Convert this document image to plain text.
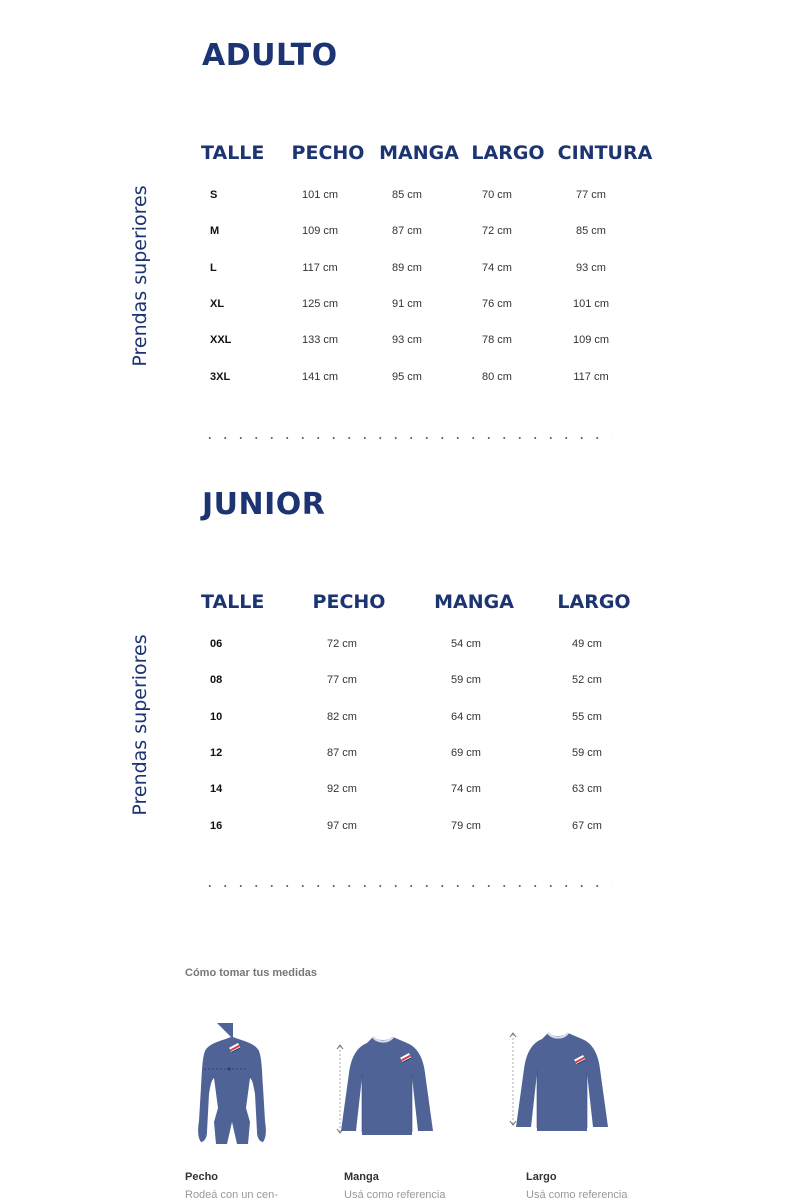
ADULTO
Prendas superiores
TALLE PECHO MANGA LARGO CINTURA
S	101 cm	85 cm	70 cm	77 cm
M	109 cm	87 cm	72 cm	85 cm
L	117 cm	89 cm	74 cm	93 cm
XL	125 cm	91 cm	76 cm	101 cm
XXL	133 cm	93 cm	78 cm	109 cm
3XL	141 cm	95 cm	80 cm	117 cm
JUNIOR
Prendas superiores
TALLE	PECHO	MANGA LARGO
06	72 cm	54 cm	49 cm
08	77 cm	59 cm	52 cm
10	82 cm	64 cm	55 cm
12	87 cm	69 cm	59 cm
14	92 cm	74 cm	63 cm
16	97 cm	79 cm	67 cm
Cómo tomar tus medidas
Pecho
Rodeá con un cen-
Manga
Usá como referencia
Largo
Usá como referencia
